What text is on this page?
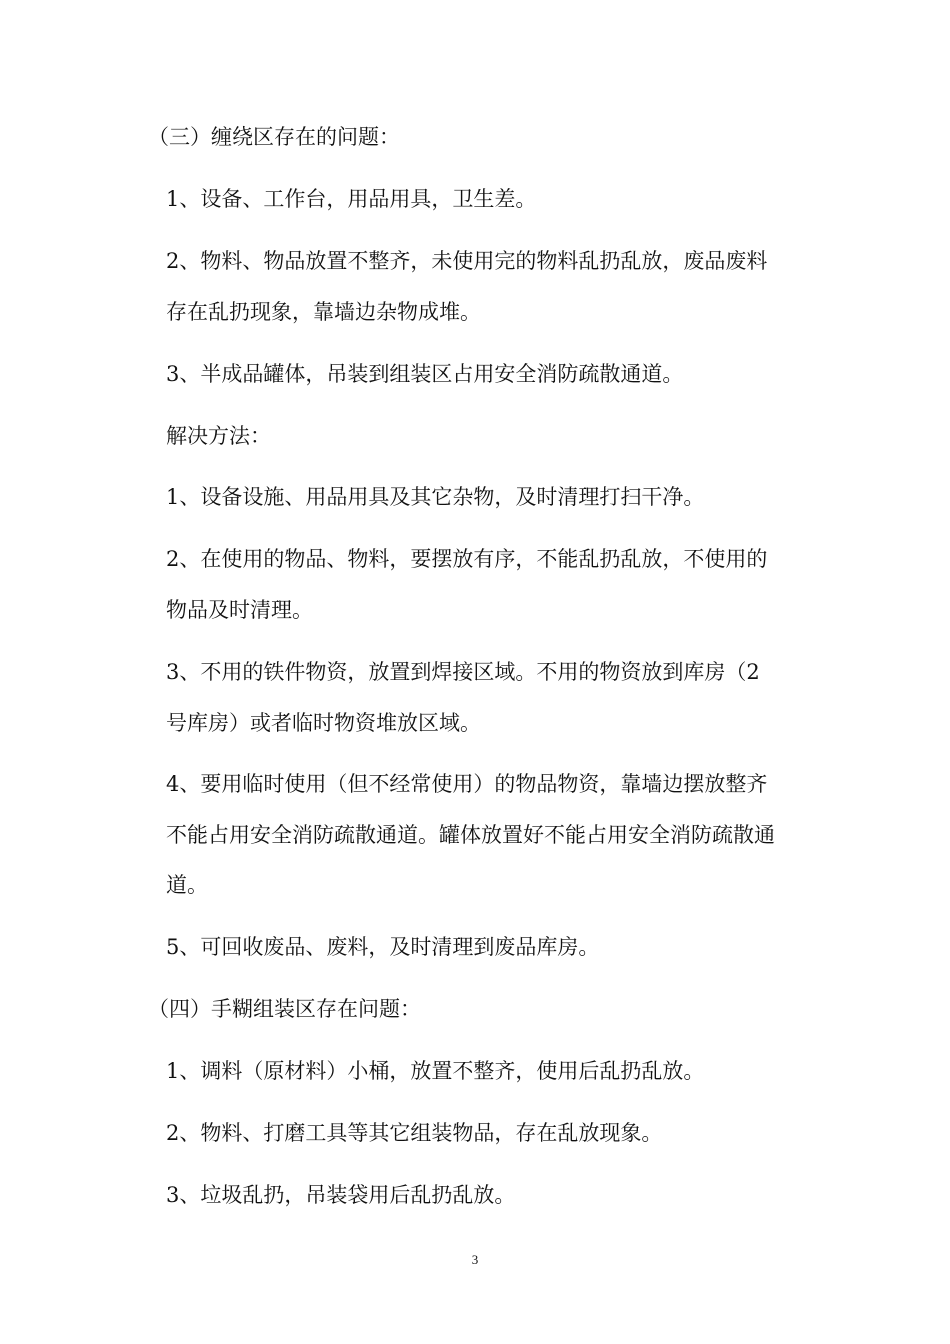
（三）缠绕区存在的问题：
1、设备、工作台，用品用具，卫生差。
2、物料、物品放置不整齐，未使用完的物料乱扔乱放，废品废料
存在乱扔现象，靠墙边杂物成堆。
3、半成品罐体，吊装到组装区占用安全消防疏散通道。
解决方法：
1、设备设施、用品用具及其它杂物，及时清理打扫干净。
2、在使用的物品、物料，要摆放有序，不能乱扔乱放，不使用的
物品及时清理。
3、不用的铁件物资，放置到焊接区域。不用的物资放到库房（2
号库房）或者临时物资堆放区域。
4、要用临时使用（但不经常使用）的物品物资，靠墙边摆放整齐
不能占用安全消防疏散通道。罐体放置好不能占用安全消防疏散通
道。
5、可回收废品、废料，及时清理到废品库房。
（四）手糊组装区存在问题：
1、调料（原材料）小桶，放置不整齐，使用后乱扔乱放。
2、物料、打磨工具等其它组装物品，存在乱放现象。
3、垃圾乱扔，吊装袋用后乱扔乱放。
3
